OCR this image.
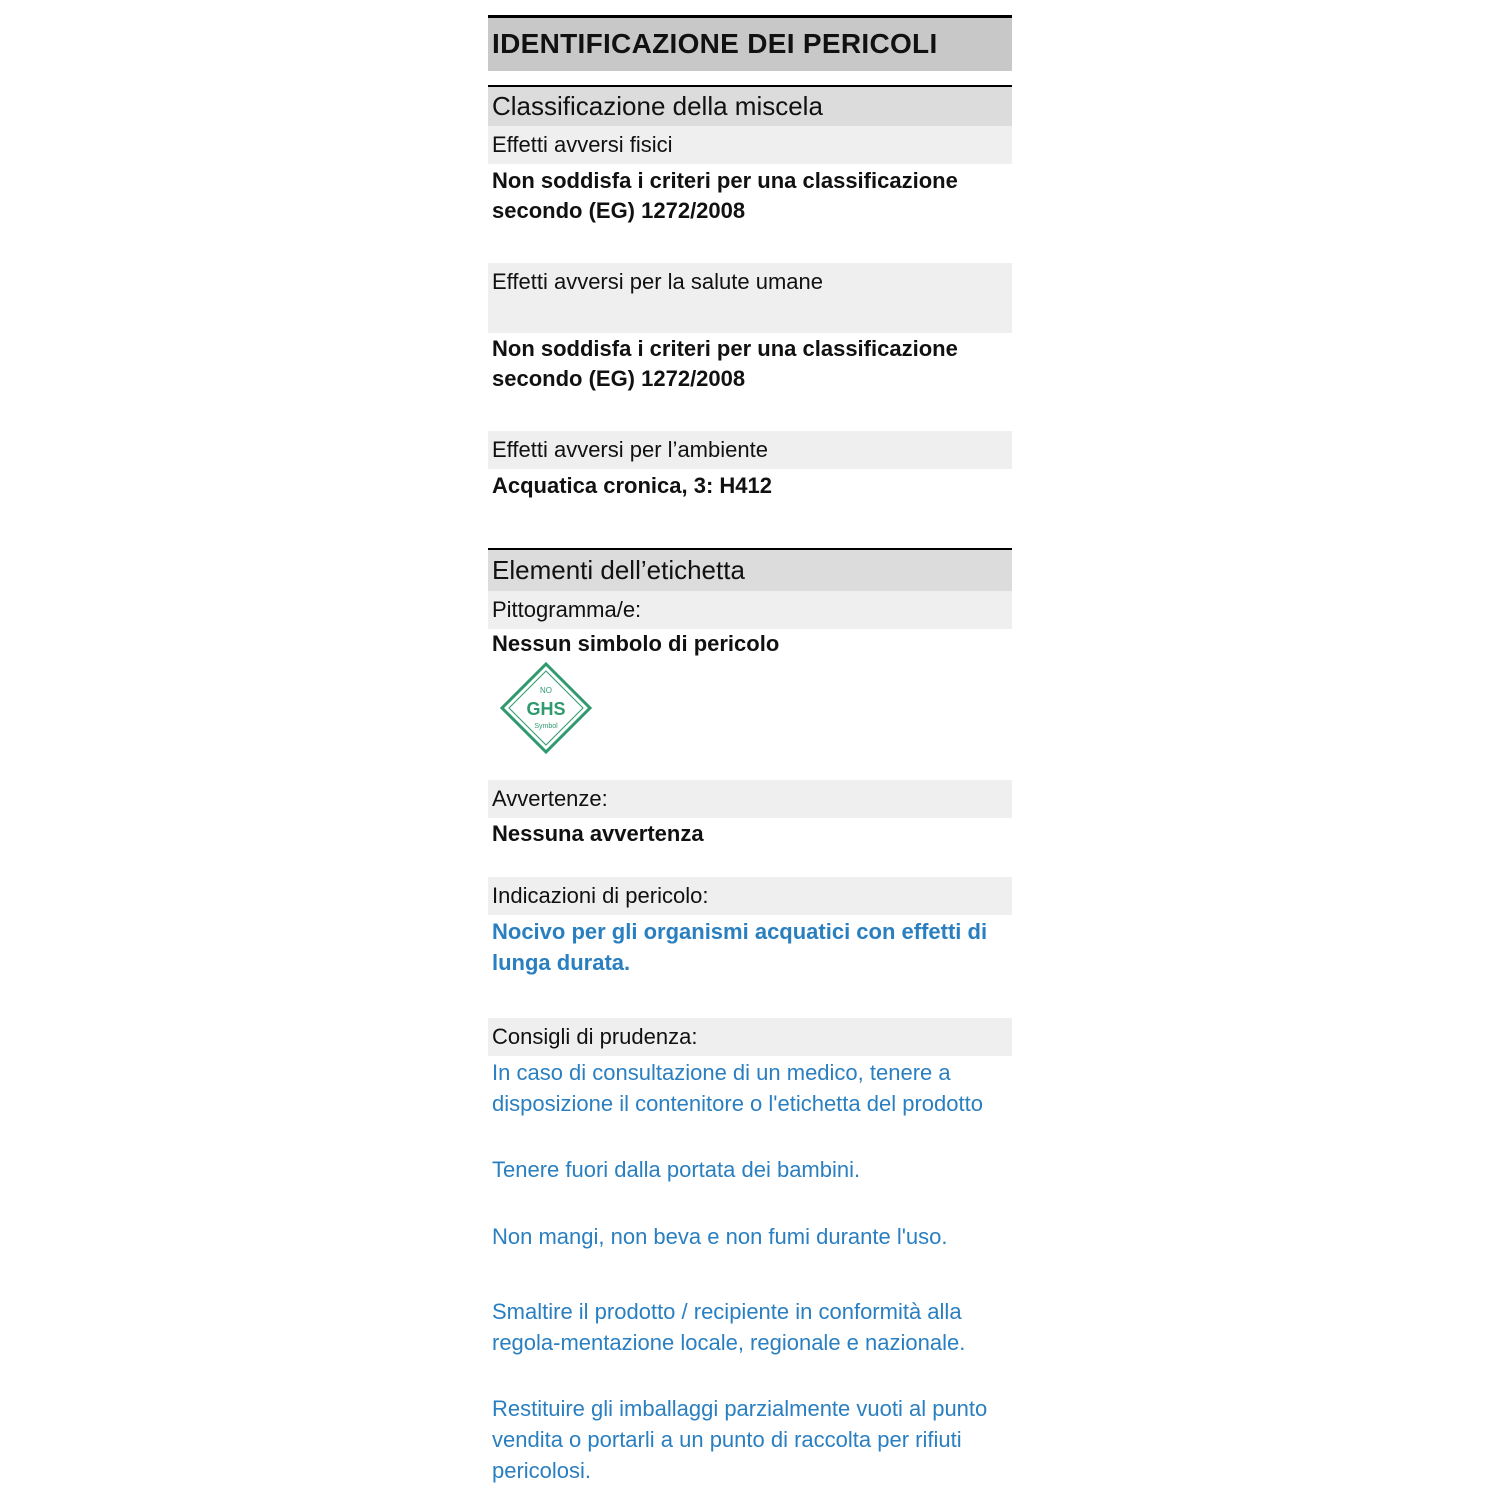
IDENTIFICAZIONE DEI PERICOLI
Classificazione della miscela
Effetti avversi fisici
Non soddisfa i criteri per una classificazione secondo (EG) 1272/2008
Effetti avversi per la salute umane
Non soddisfa i criteri per una classificazione secondo (EG) 1272/2008
Effetti avversi per l’ambiente
Acquatica cronica, 3: H412
Elementi dell’etichetta
Pittogramma/e:
Nessun simbolo di pericolo
NO
GHS
Symbol
Avvertenze:
Nessuna avvertenza
Indicazioni di pericolo:
Nocivo per gli organismi acquatici con effetti di lunga durata.
Consigli di prudenza:
In caso di consultazione di un medico, tenere a disposizione il contenitore o l'etichetta del prodotto
Tenere fuori dalla portata dei bambini.
Non mangi, non beva e non fumi durante l'uso.
Smaltire il prodotto / recipiente in conformità alla regola-mentazione locale, regionale e nazionale.
Restituire gli imballaggi parzialmente vuoti al punto vendita o portarli a un punto di raccolta per rifiuti pericolosi.
